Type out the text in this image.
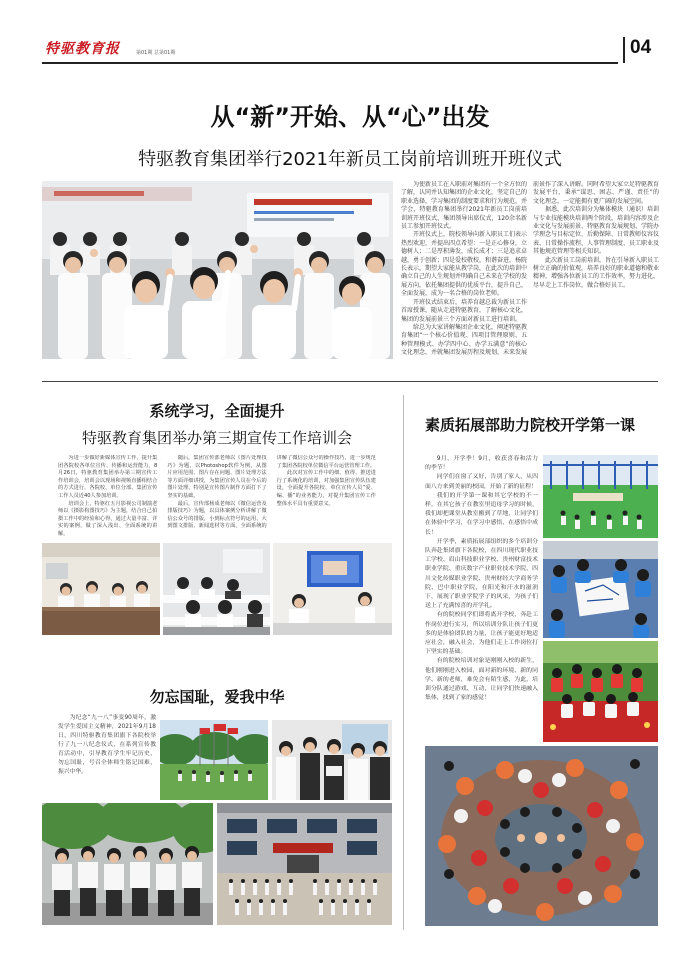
特驱教育报	第01期 总第01期	04
从“新”开始、从“心”出发
特驱教育集团举行2021年新员工岗前培训班开班仪式

为使新员工在入职前对集团有一个全方位的了解，认同并认知集团的企业文化，坚定自己的职业选择，学习集团的制度要求和行为规范，并学会，特驱教育集团举行2021年新员工岗前培训班开班仪式，集团领导出席仪式，120余名新员工参加开班仪式。

开班仪式上，院校领导向新入职员工们表示热烈欢迎，并提出四点希望：一是正心修身，立德树人；二是厚积薄发，成长成才；三是追求卓越，勇于创新；四是爱校敬校，和谐奋进。杨院长表示，期望大家能从教学岗，在此次的培训中确立自己的人生规划并明确自己未来在学校的发展方向，依托集团提供的优质平台，提升自己，全面发展，成为一名合格的岗位老师。

开班仪式结束后，培养育越总裁为新员工作首席授课，随从走进特驱教育，了解核心文化，集团的发展前景三个方面对新员工进行培训。

给总为大家讲解集团企业文化，阐述特驱教育集团“一个核心价值观、四项目管理原则、五种管理模式、办学四中心、办学五满意”的核心文化理念，并就集团发展历程及规划，未来发展前景作了深入讲解。同时希望大家立足特驱教育发展平台，秉承“谋思、困志、严谨、责任”的文化理念，一定能拥有更广阔的发展空间。

据悉，此次培训分为集体模块（通识）培训与专业技能模块培训两个阶段，培训内容涉及企业文化与发展前景、特驱教育发展规划、学院办学理念与目标定位、后勤保障、日常教师仪容仪表、日常操作流程、人事管理制度、员工职业及其他规范管理等相关知识。

此次新员工岗前培训，旨在引导新入职员工树立正确的价值观，培养良好的职业道德和敬业精神，增强各位新员工的工作效率，努力进化，尽早走上工作岗位，做合格好员工。

系统学习，全面提升
特驱教育集团举办第三期宣传工作培训会

为进一步做好新媒体宣传工作，提升集团各院校各单位宣传、传播和运营能力，8月26日，特驱教育集团举办第三期宣传工作培训会，培训会以现场和视频直播相结合的方式进行，各院校、单位分部、集团宣传工作人员近40人参加培训。

培训会上，特驱红五月影视公司制演老师以《摄影构图技巧》为主题，结合自己拍摄工作中的经验和心得，通过大量丰富、详实的案例，做了深入浅出、全面系统的讲解。

随后，集团宣传部老师以《图片处理技巧》为题，以Photoshop软件为例，从图片应用范围、图片存在问题、图片处理方法等方面详细讲授，为集团宣传人员在今后的图片处理，特别是宣传图片制作方面打下了坚实的基础。

最后，宣传部杨成老师以《微信运营及排版技巧》为题，以具体案例分析讲解了微信公众号的排版，小到标点符号的运用、大到图文排版、新闻选材等方面，全面系统的讲解了微信公众号的操作技巧，进一步规范了集团各院校单位微信平台运营管理工作。

此次对宣传工作中的细、值得、推送进行了系统化的培训，对加强集团宣传队伍建设，全面提升各院校、单位宣传人员“爱、编、播”的业务能力，对提升集团宣传工作整体水平具有重要意义。

勿忘国耻，爱我中华

为纪念“九一八”事变90周年，激发学生爱国主义精神，2021年9月18日，四川特驱教育集团旗下各院校举行了九一八纪念仪式，在系列宣传教育活动中，引导教育学生牢记历史，勿忘国耻，号召全体师生铭记国难，振兴中华。

素质拓展部助力院校开学第一课

9月，开学季！9月，收获喜春和活力的季节！

同学们在窗了又好，告别了家人，从四面八方来到美丽的校园，开始了新的征程！

我们的开学第一课和其它学校的不一样，在其它孩子在教室里追母学习的时候，我们却把课堂从教室搬到了草地，让同学们在体验中学习，在学习中感悟，在感悟中成长！

开学季，素质拓展部组织的多个培训分队奔赴集团旗下各院校，在四川现代职业技工学校、眉山科技职业学校、贵州财富技术职业学院、重庆数字产业职业技术学院、四川文化传媒职业学院、贵州财经大学商务学院、巴中职业学院，在阳光和汗水的滋润下，展现了职业学院学子的风采，为孩子们送上了充满惊喜的开学礼。

有的院校同学们即将离开学校，奔赴工作岗位进行实习，所以培训分队让孩子们更多的是体验团队的力量，让孩子能更好地适应社会，融入社会，为他们走上工作岗位打下坚实的基础。

有的院校培训对象是刚刚入校的新生，他们刚刚进入校园，面对新的环境、新的同学、新的老师，难免会有陌生感，为此，培训分队通过游戏、互动，让同学们快速融入集体，找到了家的感觉！
